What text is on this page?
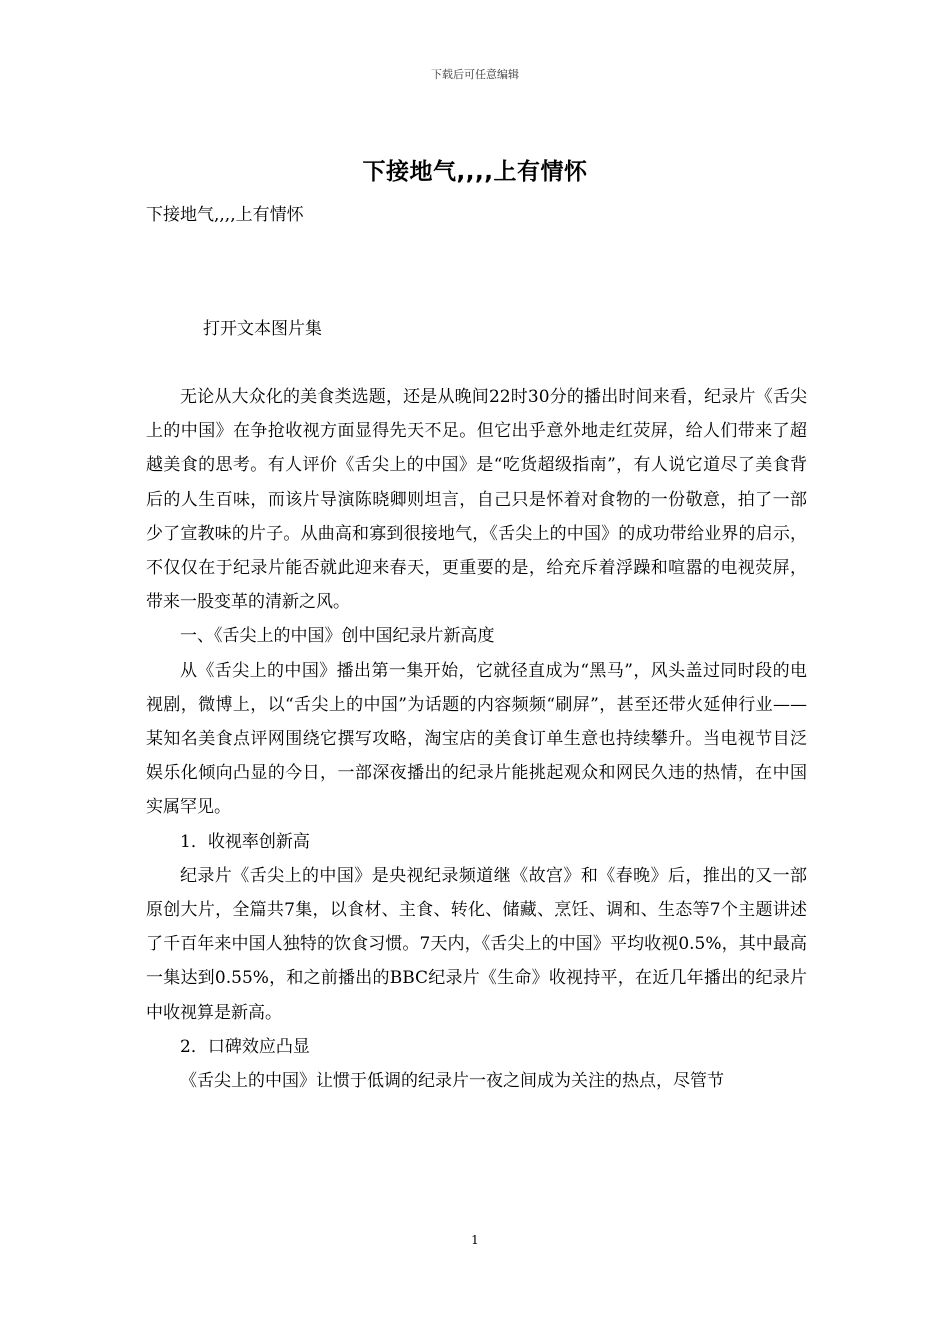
下载后可任意编辑
下接地气,,,,上有情怀
下接地气,,,,上有情怀
打开文本图片集

无论从大众化的美食类选题，还是从晚间22时30分的播出时间来看，纪录片《舌尖上的中国》在争抢收视方面显得先天不足。但它出乎意外地走红荧屏，给人们带来了超越美食的思考。有人评价《舌尖上的中国》是“吃货超级指南”，有人说它道尽了美食背后的人生百味，而该片导演陈晓卿则坦言，自己只是怀着对食物的一份敬意，拍了一部少了宣教味的片子。从曲高和寡到很接地气，《舌尖上的中国》的成功带给业界的启示，不仅仅在于纪录片能否就此迎来春天，更重要的是，给充斥着浮躁和喧嚣的电视荧屏，带来一股变革的清新之风。

一、《舌尖上的中国》创中国纪录片新高度

从《舌尖上的中国》播出第一集开始，它就径直成为“黑马”，风头盖过同时段的电视剧，微博上，以“舌尖上的中国”为话题的内容频频“刷屏”，甚至还带火延伸行业——某知名美食点评网围绕它撰写攻略，淘宝店的美食订单生意也持续攀升。当电视节目泛娱乐化倾向凸显的今日，一部深夜播出的纪录片能挑起观众和网民久违的热情，在中国实属罕见。

1．收视率创新高

纪录片《舌尖上的中国》是央视纪录频道继《故宫》和《春晚》后，推出的又一部原创大片，全篇共7集，以食材、主食、转化、储藏、烹饪、调和、生态等7个主题讲述了千百年来中国人独特的饮食习惯。7天内，《舌尖上的中国》平均收视0.5%，其中最高一集达到0.55%，和之前播出的BBC纪录片《生命》收视持平，在近几年播出的纪录片中收视算是新高。

2．口碑效应凸显

《舌尖上的中国》让惯于低调的纪录片一夜之间成为关注的热点，尽管节

1
